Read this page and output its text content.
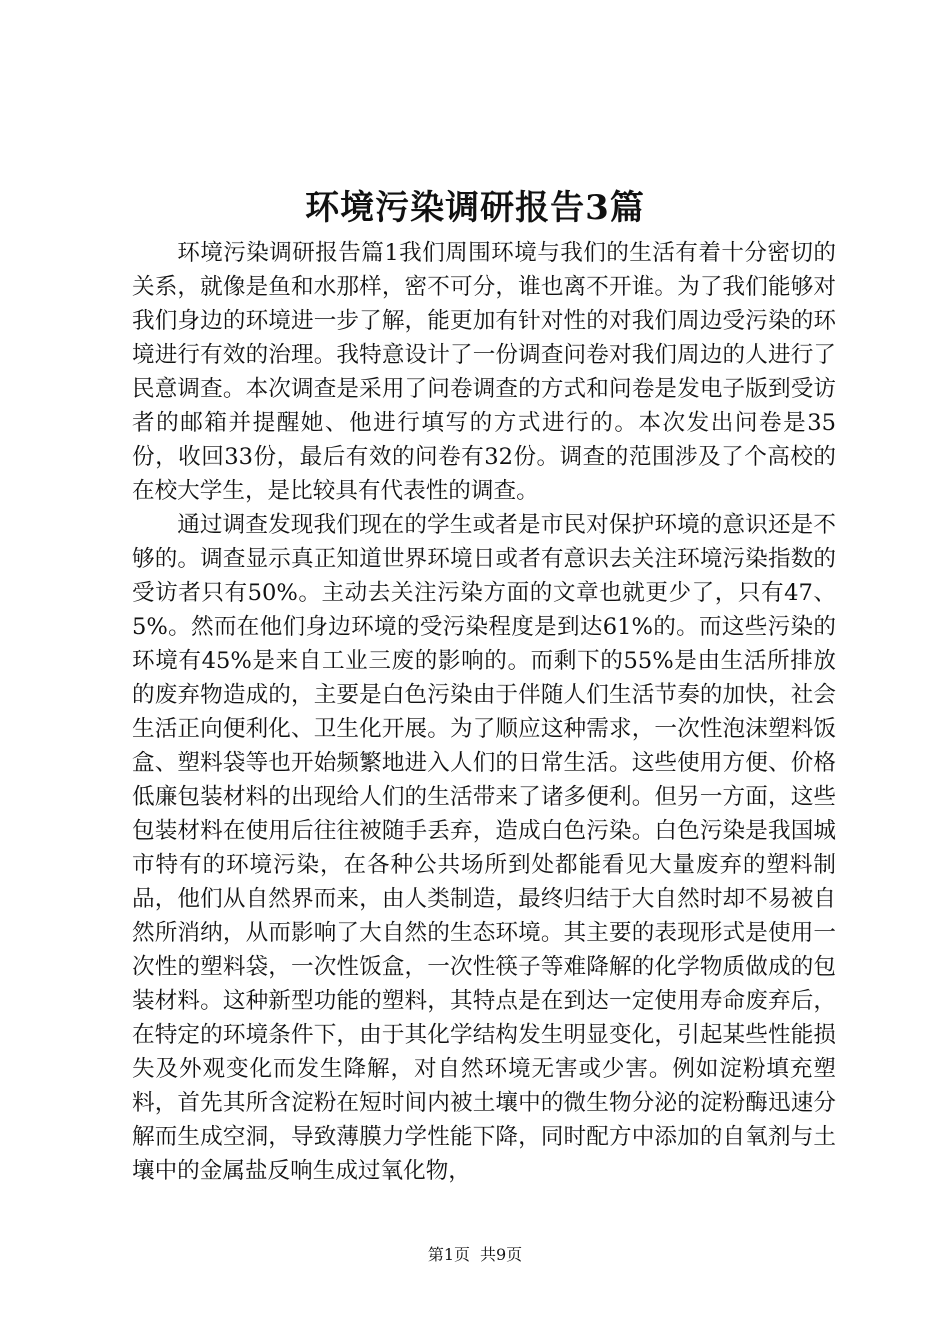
环境污染调研报告3篇

环境污染调研报告篇1我们周围环境与我们的生活有着十分密切的关系，就像是鱼和水那样，密不可分，谁也离不开谁。为了我们能够对我们身边的环境进一步了解，能更加有针对性的对我们周边受污染的环境进行有效的治理。我特意设计了一份调查问卷对我们周边的人进行了民意调查。本次调查是采用了问卷调查的方式和问卷是发电子版到受访者的邮箱并提醒她、他进行填写的方式进行的。本次发出问卷是35份，收回33份，最后有效的问卷有32份。调查的范围涉及了个高校的在校大学生，是比较具有代表性的调查。

通过调查发现我们现在的学生或者是市民对保护环境的意识还是不够的。调查显示真正知道世界环境日或者有意识去关注环境污染指数的受访者只有50%。主动去关注污染方面的文章也就更少了，只有47、5%。然而在他们身边环境的受污染程度是到达61%的。而这些污染的环境有45%是来自工业三废的影响的。而剩下的55%是由生活所排放的废弃物造成的，主要是白色污染由于伴随人们生活节奏的加快，社会生活正向便利化、卫生化开展。为了顺应这种需求，一次性泡沫塑料饭盒、塑料袋等也开始频繁地进入人们的日常生活。这些使用方便、价格低廉包装材料的出现给人们的生活带来了诸多便利。但另一方面，这些包装材料在使用后往往被随手丢弃，造成白色污染。白色污染是我国城市特有的环境污染，在各种公共场所到处都能看见大量废弃的塑料制品，他们从自然界而来，由人类制造，最终归结于大自然时却不易被自然所消纳，从而影响了大自然的生态环境。其主要的表现形式是使用一次性的塑料袋，一次性饭盒，一次性筷子等难降解的化学物质做成的包装材料。这种新型功能的塑料，其特点是在到达一定使用寿命废弃后，在特定的环境条件下，由于其化学结构发生明显变化，引起某些性能损失及外观变化而发生降解，对自然环境无害或少害。例如淀粉填充塑料，首先其所含淀粉在短时间内被土壤中的微生物分泌的淀粉酶迅速分解而生成空洞，导致薄膜力学性能下降，同时配方中添加的自氧剂与土壤中的金属盐反响生成过氧化物，

第1页 共9页
